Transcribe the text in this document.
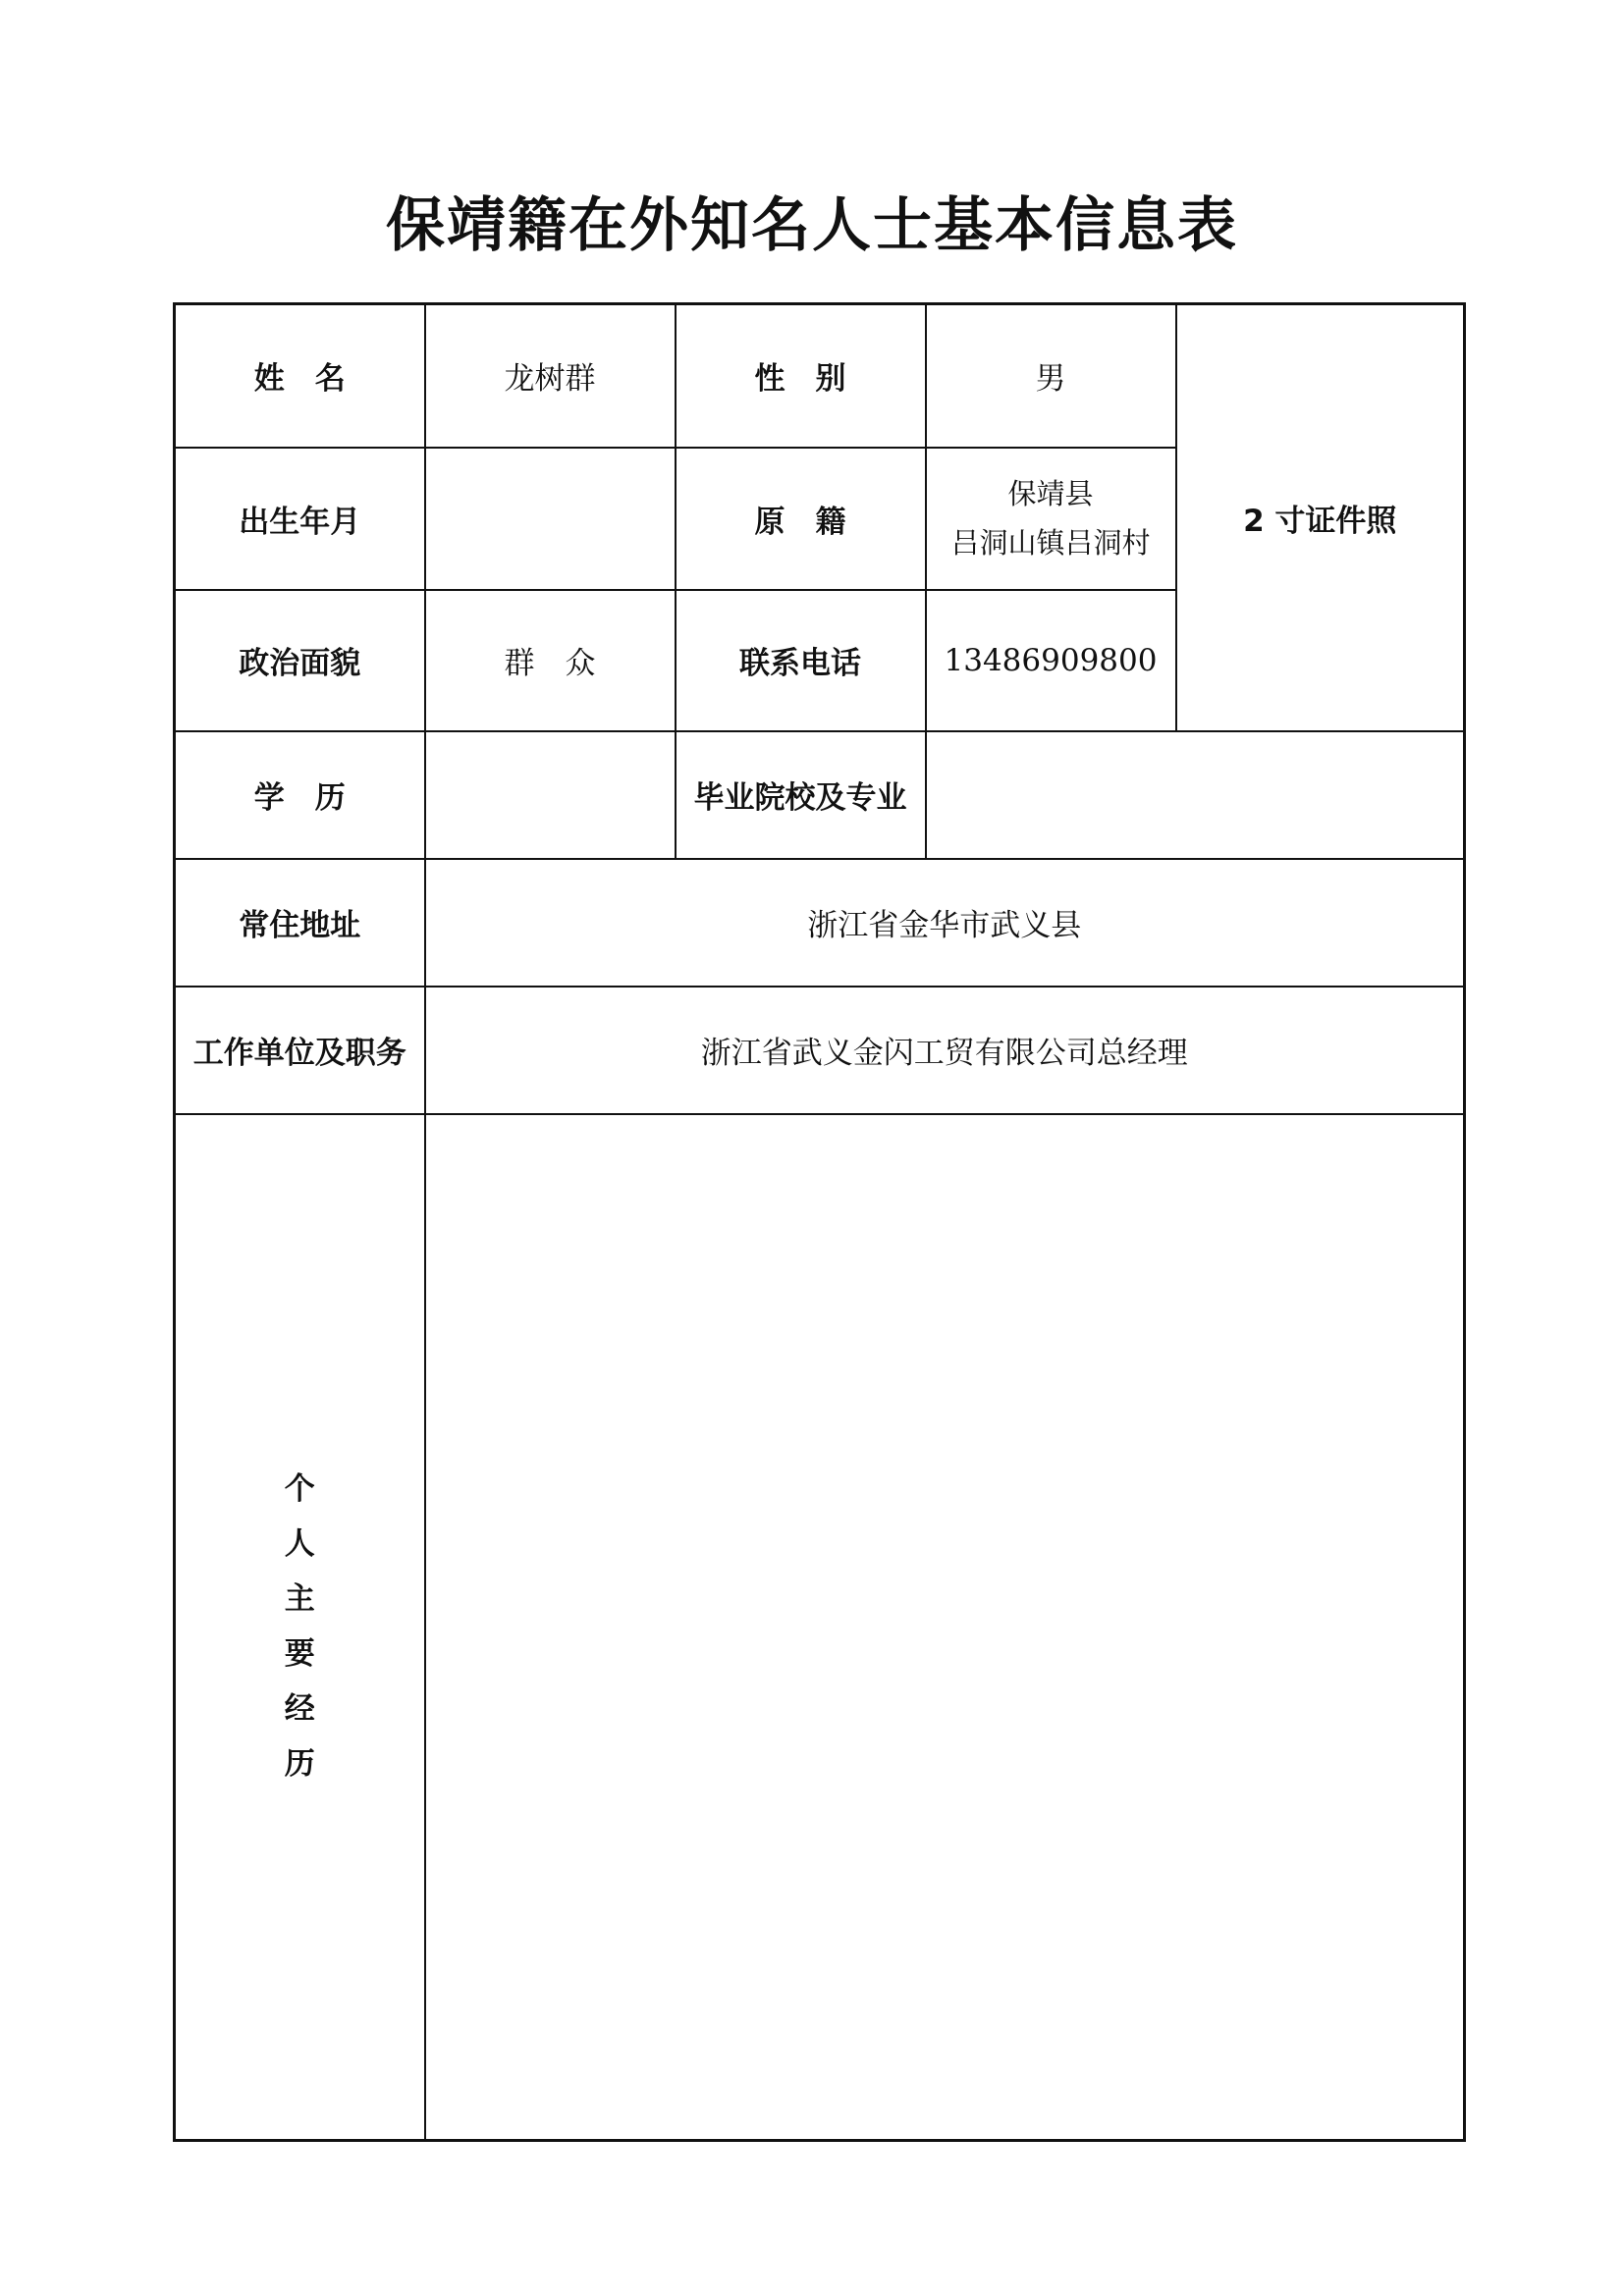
保靖籍在外知名人士基本信息表
姓　名	龙树群	性　别	男	2 寸证件照
出生年月		原　籍	保靖县
吕洞山镇吕洞村	

政治面貌	群　众	联系电话	13486909800	
学　历		毕业院校及专业		
常住地址	浙江省金华市武义县			
工作单位及职务	浙江省武义金闪工贸有限公司总经理			
个人主要经历				
